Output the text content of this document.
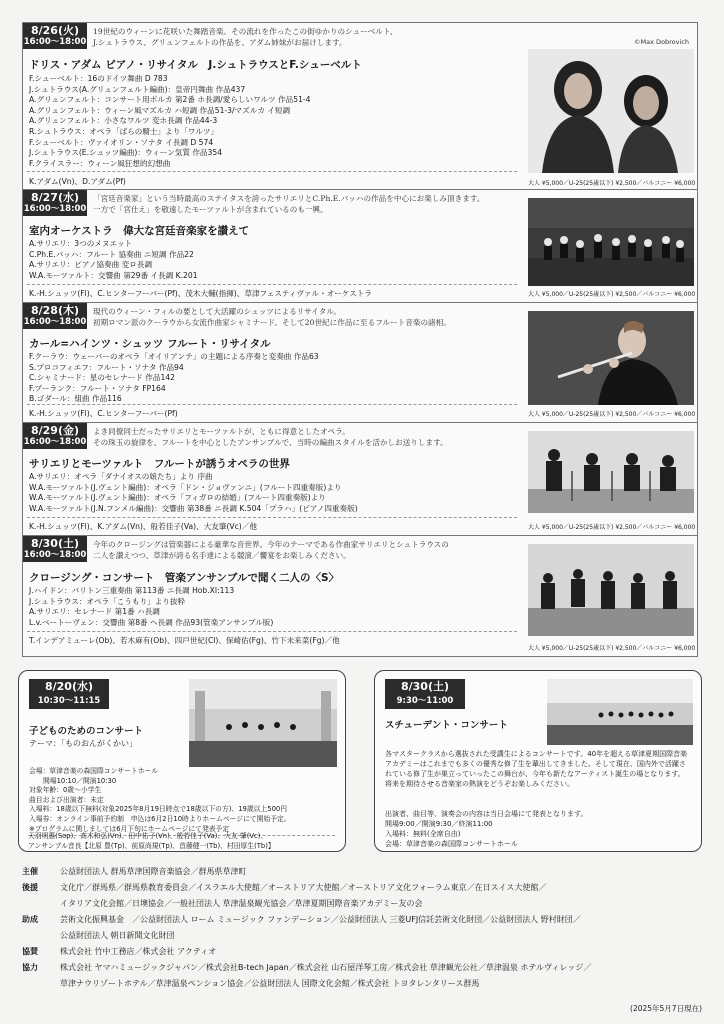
8/26(火)
16:00～18:00
19世紀のウィーンに花咲いた舞踏音楽。その流れを作ったこの街ゆかりのシューベルト、
J.シュトラウス、グリュンフェルトの作品を、アダム姉妹がお届けします。
ドリス・アダム ピアノ・リサイタル　J.シュトラウスとF.シューベルト
F.シューベルト：16のドイツ舞曲 D 783
J.シュトラウス(A.グリュンフェルト編曲)：皇帝円舞曲 作品437
A.グリュンフェルト：コンサート用ポルカ 第2番 ホ長調/愛らしいワルツ 作品51-4
A.グリュンフェルト：ウィーン風マズルカ ハ短調 作品51-3/マズルカ イ短調
A.グリュンフェルト：小さなワルツ 変ホ長調 作品44-3
R.シュトラウス：オペラ「ばらの騎士」より「ワルツ」
F.シューベルト：ヴァイオリン・ソナタ イ長調 D 574
J.シュトラウス(E.シュッツ編曲)：ウィーン気質 作品354
F.クライスラー：ウィーン風狂想的幻想曲
K.アダム(Vn)、D.アダム(Pf)
©Max Dobrovich
大人 ¥5,000／U-25(25歳以下) ¥2,500／バルコニー ¥6,000
8/27(水)
16:00～18:00
「宮廷音楽家」という当時最高のステイタスを誇ったサリエリとC.Ph.E.バッハの作品を中心にお楽しみ頂きます。
一方で「宮仕え」を敬遠したモーツァルトが含まれているのも一興。
室内オーケストラ　偉大な宮廷音楽家を讃えて
A.サリエリ：3つのメヌエット
C.Ph.E.バッハ：フルート 協奏曲 ニ短調 作品22
A.サリエリ：ピアノ協奏曲 変ロ長調
W.A.モーツァルト：交響曲 第29番 イ長調 K.201
K.-H.シュッツ(Fl)、C.ヒンターフーバー(Pf)、茂木大輔(指揮)、草津フェスティヴァル・オーケストラ	大人 ¥5,000／U-25(25歳以下) ¥2,500／バルコニー ¥6,000
8/28(木)
16:00～18:00
現代のウィーン・フィルの要として大活躍のシュッツによるリサイタル。
初期ロマン派のクーラウから女流作曲家シャミナード、そして20世紀に作品に至るフルート音楽の諸相。
カール=ハインツ・シュッツ フルート・リサイタル
F.クーラウ：ウェーバーのオペラ「オイリアンテ」の主題による序奏と変奏曲 作品63
S.プロコフィエフ：フルート・ソナタ 作品94
C.シャミナード：星のセレナード 作品142
F.プーランク：フルート・ソナタ FP164
B.ゴダール：組曲 作品116
K.-H.シュッツ(Fl)、C.ヒンターフーバー(Pf)	大人 ¥5,000／U-25(25歳以下) ¥2,500／バルコニー ¥6,000
8/29(金)
16:00～18:00
よき同僚同士だったサリエリとモーツァルトが、ともに得意としたオペラ。
その珠玉の旋律を、フルートを中心としたアンサンブルで、当時の編曲スタイルを活かしお送りします。
サリエリとモーツァルト　フルートが誘うオペラの世界
A.サリエリ：オペラ「ダナイオスの娘たち」より 序曲
W.A.モーツァルト(J.ヴェント編曲)：オペラ「ドン・ジョヴァンニ」(フルート四重奏版)より
W.A.モーツァルト(J.ヴェント編曲)：オペラ「フィガロの結婚」(フルート四重奏版)より
W.A.モーツァルト(J.N.フンメル編曲)：交響曲 第38番 ニ長調 K.504「プラハ」(ピアノ四重奏版)
K.-H.シュッツ(Fl)、K.アダム(Vn)、般若佳子(Va)、大友肇(Vc)／他	大人 ¥5,000／U-25(25歳以下) ¥2,500／バルコニー ¥6,000
8/30(土)
16:00～18:00
今年のクロージングは管楽器による豪華な音世界。今年のテーマである作曲家サリエリとシュトラウスの
二人を讃えつつ、草津が誇る名手達による競演／饗宴をお楽しみください。
クロージング・コンサート　管楽アンサンブルで聞く二人の〈S〉
J.ハイドン：バリトン三重奏曲 第113番 ニ長調 Hob.XI:113
J.シュトラウス：オペラ「こうもり」より抜粋
A.サリエリ：セレナード 第1番 ハ長調
L.v.ベートーヴェン：交響曲 第8番 ヘ長調 作品93(管楽アンサンブル版)
T.インデアミューレ(Ob)、若木麻有(Ob)、四戸世紀(Cl)、保崎佑(Fg)、竹下未来菜(Fg)／他
大人 ¥5,000／U-25(25歳以下) ¥2,500／バルコニー ¥6,000
8/20(水)
10:30～11:15
子どものためのコンサート
テーマ：「ものおんがくかい」
会場：草津音楽の森国際コンサートホール
開場10:10／開演10:30
対象年齢：0歳～小学生
曲目および出演者：未定
入場料：18歳以下無料(対象2025年8月19日時点で18歳以下の方)、19歳以上500円
入場券：オンライン事前予約制　申込は6月2日10時よりホームページにて開始予定。
※プログラムに関しましては6月下旬にホームページにて発表予定
8/30(土)
9:30～11:00
スチューデント・コンサート
各マスタークラスから選抜された受講生によるコンサートです。40年を超える草津夏期国際音楽アカデミーはこれまでも多くの優秀な修了生を輩出してきました。そして現在、国内外で活躍されている修了生が巣立っていったこの舞台が、今年も新たなアーティスト誕生の場となります。将来を期待させる音楽家の熱演をどうぞお楽しみください。
出演者、曲目等、演奏会の内容は当日会場にて発表となります。
開場9:00／開演9:30／終演11:00
入場料：無料(全席自由)
会場：草津音楽の森国際コンサートホール
天羽明惠(Sop)、高木和弘(Vn)、田中佑子(Vn)、般若佳子(Va)、大友 肇(Vc)、
アンサンブル音良【北原 豊(Tp)、前原尚規(Tp)、首藤健一(Tb)、村田厚生(Tb)】
主催	公益財団法人 群馬草津国際音楽協会／群馬県草津町
後援	文化庁／群馬県／群馬県教育委員会／イスラエル大使館／オーストリア大使館／オーストリア文化フォーラム東京／在日スイス大使館／
イタリア文化会館／日墺協会／一般社団法人 草津温泉観光協会／草津夏期国際音楽アカデミー友の会
助成	芸術文化振興基金　／公益財団法人 ローム ミュージック ファンデーション／公益財団法人 三菱UFJ信託芸術文化財団／公益財団法人 野村財団／
公益財団法人 朝日新聞文化財団
協賛	株式会社 竹中工務店／株式会社 アクティオ
協力	株式会社 ヤマハミュージックジャパン／株式会社B-tech Japan／株式会社 山石屋洋琴工房／株式会社 草津観光公社／草津温泉 ホテルヴィレッジ／
草津ナウリゾートホテル／草津温泉ペンション協会／公益財団法人 国際文化会館／株式会社 トヨタレンタリース群馬
(2025年5月7日現在)
